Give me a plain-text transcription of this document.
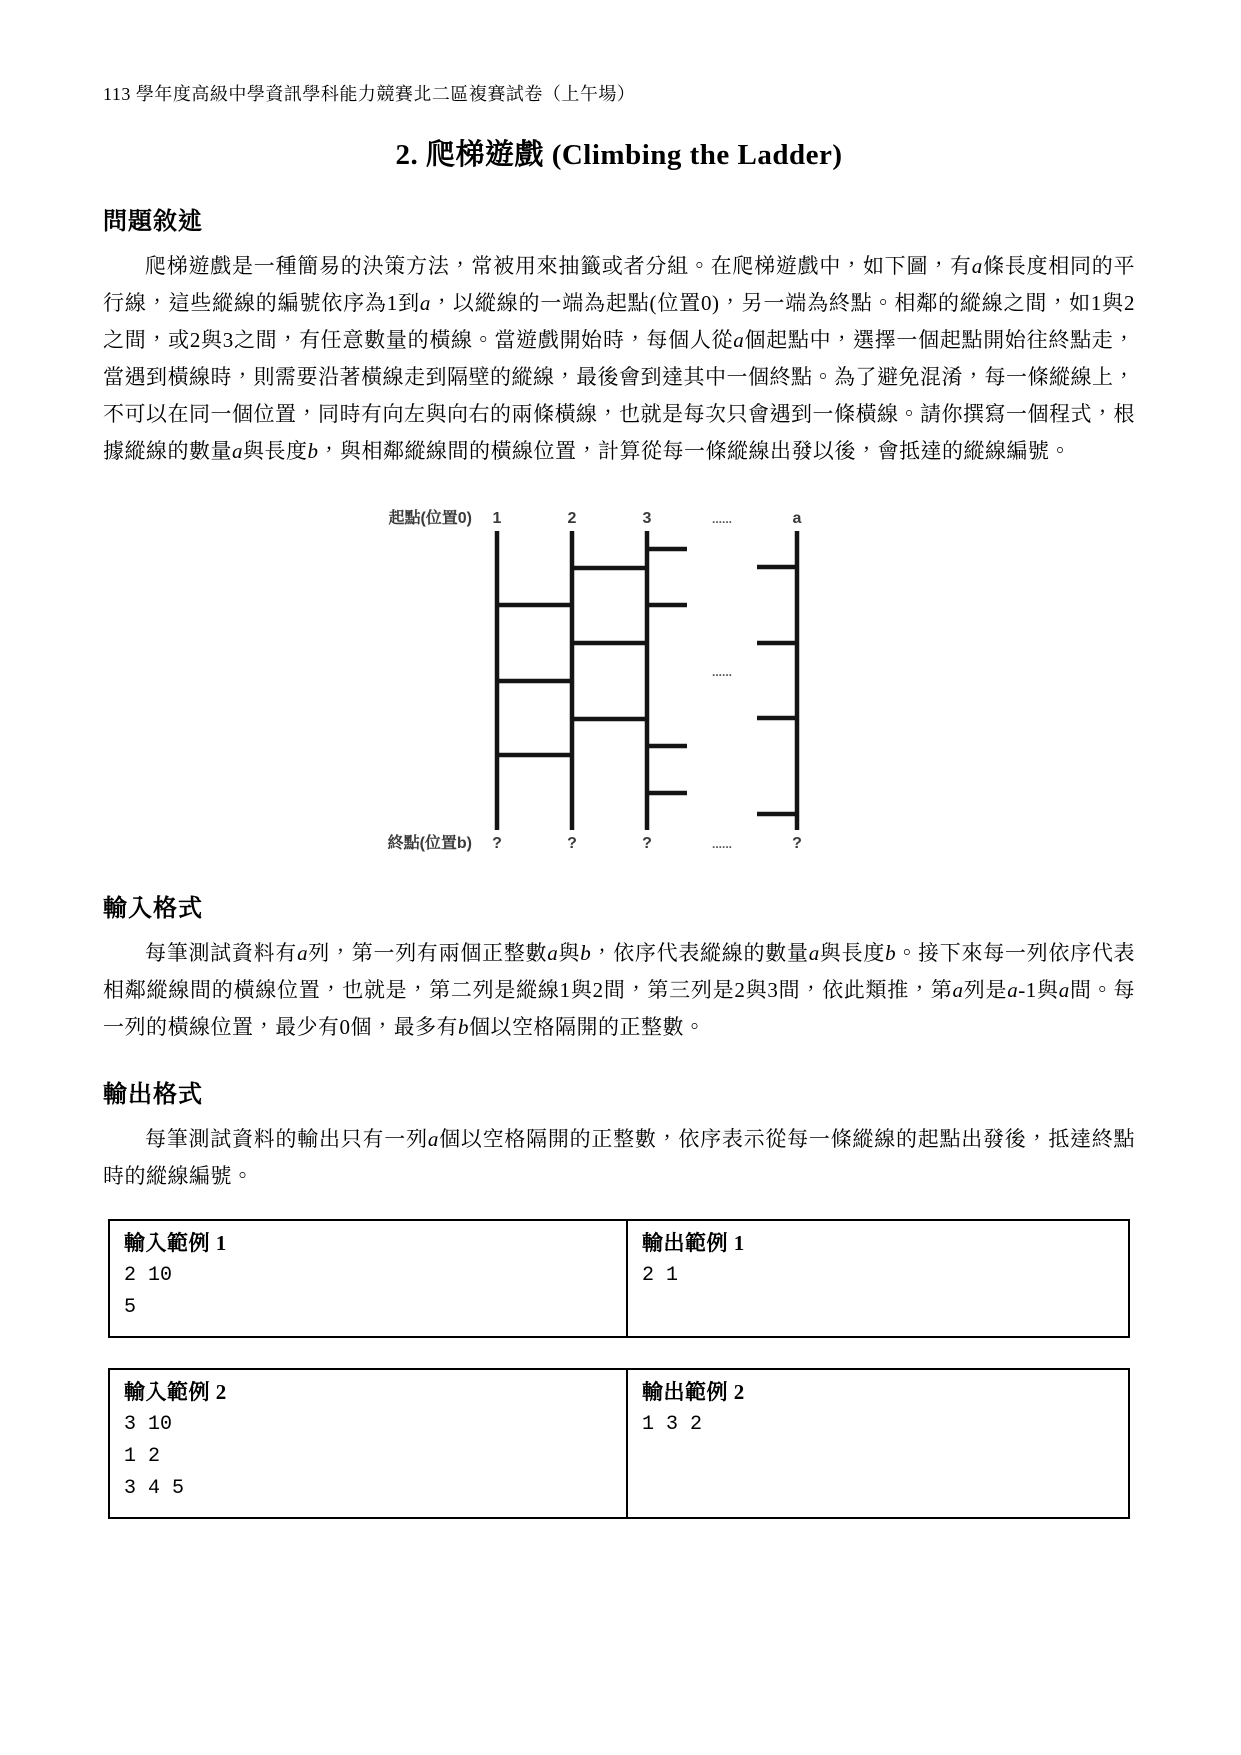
113 學年度高級中學資訊學科能力競賽北二區複賽試卷（上午場）
2. 爬梯遊戲 (Climbing the Ladder)
問題敘述

爬梯遊戲是一種簡易的決策方法，常被用來抽籤或者分組。在爬梯遊戲中，如下圖，有a條長度相同的平行線，這些縱線的編號依序為1到a，以縱線的一端為起點(位置0)，另一端為終點。相鄰的縱線之間，如1與2之間，或2與3之間，有任意數量的橫線。當遊戲開始時，每個人從a個起點中，選擇一個起點開始往終點走，當遇到橫線時，則需要沿著橫線走到隔壁的縱線，最後會到達其中一個終點。為了避免混淆，每一條縱線上，不可以在同一個位置，同時有向左與向右的兩條橫線，也就是每次只會遇到一條橫線。請你撰寫一個程式，根據縱線的數量a與長度b，與相鄰縱線間的橫線位置，計算從每一條縱線出發以後，會抵達的縱線編號。

起點(位置0)
終點(位置b)
1	2	3	......	a
?	?	?	......	?
......
輸入格式

每筆測試資料有a列，第一列有兩個正整數a與b，依序代表縱線的數量a與長度b。接下來每一列依序代表相鄰縱線間的橫線位置，也就是，第二列是縱線1與2間，第三列是2與3間，依此類推，第a列是a-1與a間。每一列的橫線位置，最少有0個，最多有b個以空格隔開的正整數。

輸出格式

每筆測試資料的輸出只有一列a個以空格隔開的正整數，依序表示從每一條縱線的起點出發後，抵達終點時的縱線編號。

輸入範例 1
2 10
5
輸出範例 1
2 1
輸入範例 2
3 10
1 2
3 4 5
輸出範例 2
1 3 2
